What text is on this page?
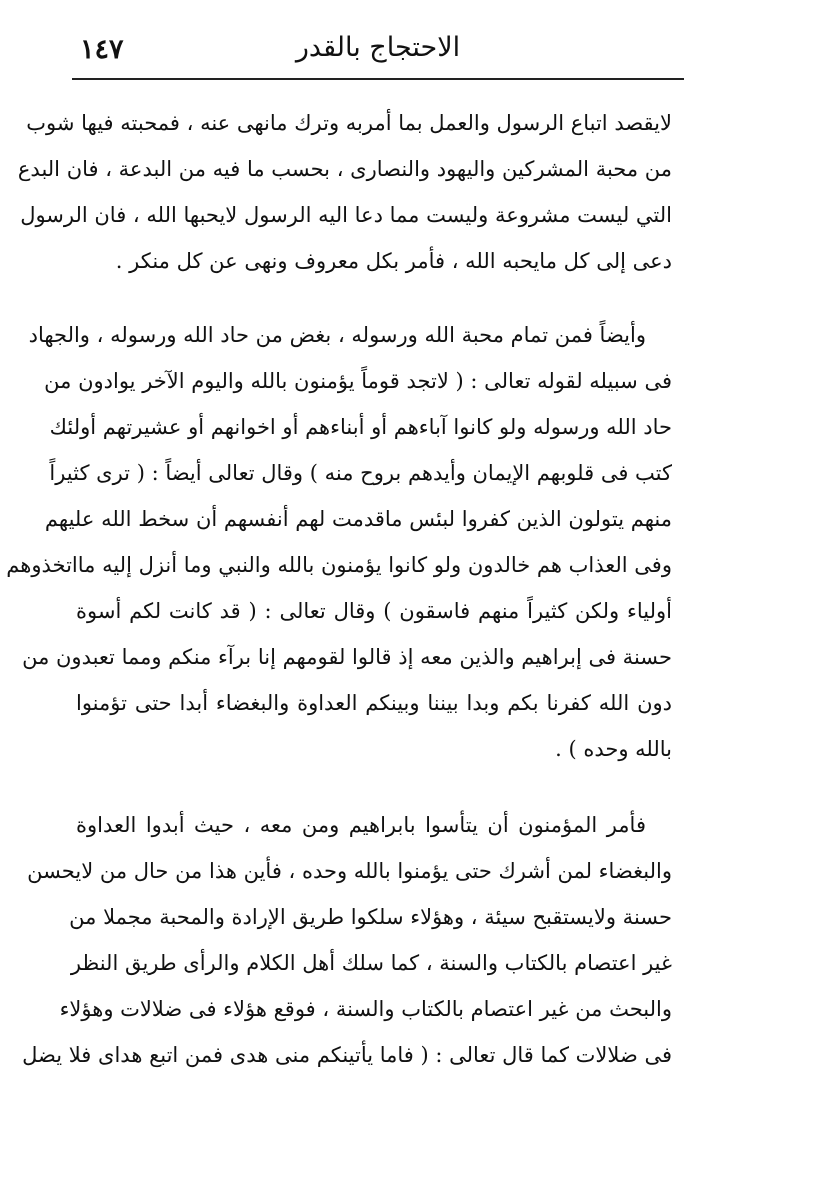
١٤٧	الاحتجاج بالقدر
لايقصد اتباع الرسول والعمل بما أمربه وترك مانهى عنه ، فمحبته فيها شوب
من محبة المشركين واليهود والنصارى ، بحسب ما فيه من البدعة ، فان البدع
التي ليست مشروعة وليست مما دعا اليه الرسول لايحبها الله ، فان الرسول
دعى إلى كل مايحبه الله ، فأمر بكل معروف ونهى عن كل منكر .
وأيضاً فمن تمام محبة الله ورسوله ، بغض من حاد الله ورسوله ، والجهاد
فى سبيله لقوله تعالى : ( لاتجد قوماً يؤمنون بالله واليوم الآخر يوادون من
حاد الله ورسوله ولو كانوا آباءهم أو أبناءهم أو اخوانهم أو عشيرتهم أولئك
كتب فى قلوبهم الإيمان وأيدهم بروح منه ) وقال تعالى أيضاً : ( ترى كثيراً
منهم يتولون الذين كفروا لبئس ماقدمت لهم أنفسهم أن سخط الله عليهم
وفى العذاب هم خالدون ولو كانوا يؤمنون بالله والنبي وما أنزل إليه مااتخذوهم
أولياء ولكن كثيراً منهم فاسقون ) وقال تعالى : ( قد كانت لكم أسوة
حسنة فى إبراهيم والذين معه إذ قالوا لقومهم إنا برآء منكم ومما تعبدون من
دون الله كفرنا بكم وبدا بيننا وبينكم العداوة والبغضاء أبدا حتى تؤمنوا
بالله وحده ) .
فأمر المؤمنون أن يتأسوا بابراهيم ومن معه ، حيث أبدوا العداوة
والبغضاء لمن أشرك حتى يؤمنوا بالله وحده ، فأين هذا من حال من لايحسن
حسنة ولايستقبح سيئة ، وهؤلاء سلكوا طريق الإرادة والمحبة مجملا من
غير اعتصام بالكتاب والسنة ، كما سلك أهل الكلام والرأى طريق النظر
والبحث من غير اعتصام بالكتاب والسنة ، فوقع هؤلاء فى ضلالات وهؤلاء
فى ضلالات كما قال تعالى : ( فاما يأتينكم منى هدى فمن اتبع هداى فلا يضل
